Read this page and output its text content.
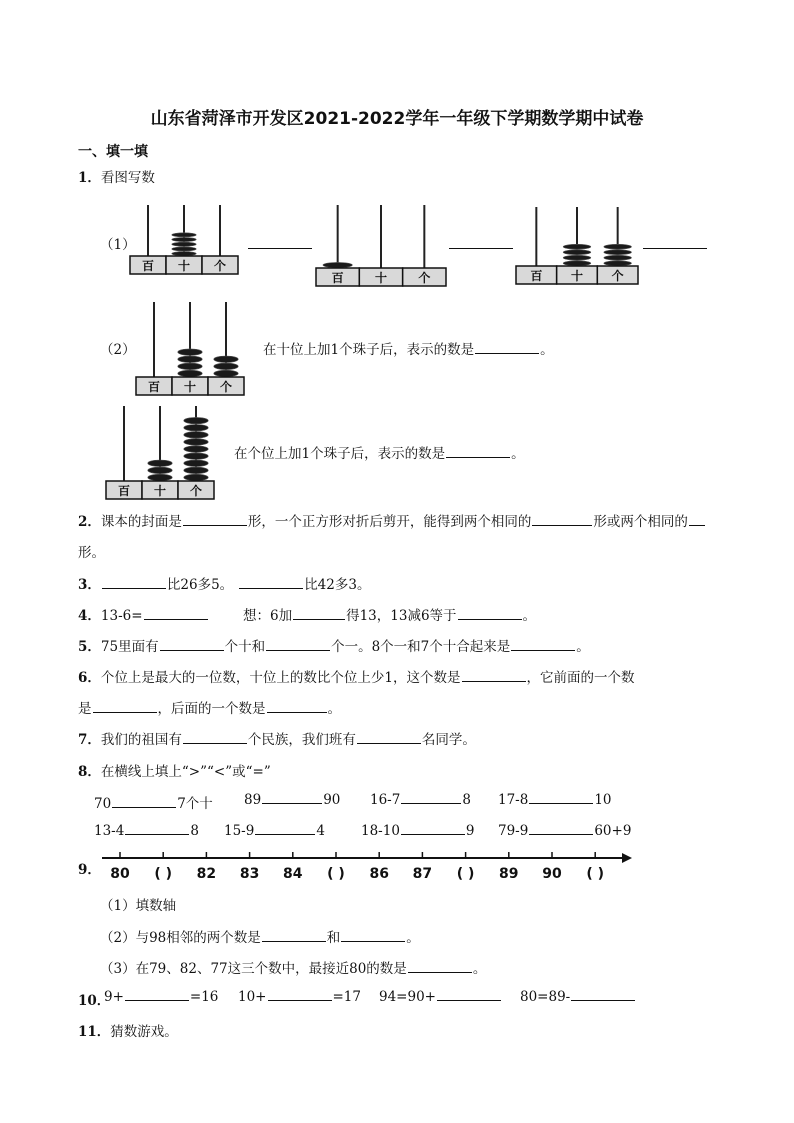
山东省菏泽市开发区2021-2022学年一年级下学期数学期中试卷
一、填一填
1．看图写数
（1）
百 十 个
百	十	个	百 十 个
（2）
百 十 个
在十位上加1个珠子后，表示的数是	。
百 十 个
在个位上加1个珠子后，表示的数是	。
2．课本的封面是	形，一个正方形对折后剪开，能得到两个相同的	形或两个相同的
形。
3．	比26多5。	比42多3。
4．13-6=	想：6加	得13，13减6等于	。
5．75里面有	个十和	个一。8个一和7个十合起来是	。
6．个位上是最大的一位数，十位上的数比个位上少1，这个数是	，它前面的一个数
是	，后面的一个数是	。
7．我们的祖国有	个民族，我们班有	名同学。
8．在横线上填上“>”“<”或“=”
70	7个十 89	90 16-7	8 17-8	10
13-4	8 15-9	4	18-10	9 79-9	60+9
9． 80 ( ) 82 83 84 ( ) 86 87 ( ) 89 90 ( )
（1）填数轴
（2）与98相邻的两个数是	和	。
（3）在79、82、77这三个数中，最接近80的数是	。
10．
9+	=16 10+	=17 94=90+	80=89-
11．猜数游戏。
